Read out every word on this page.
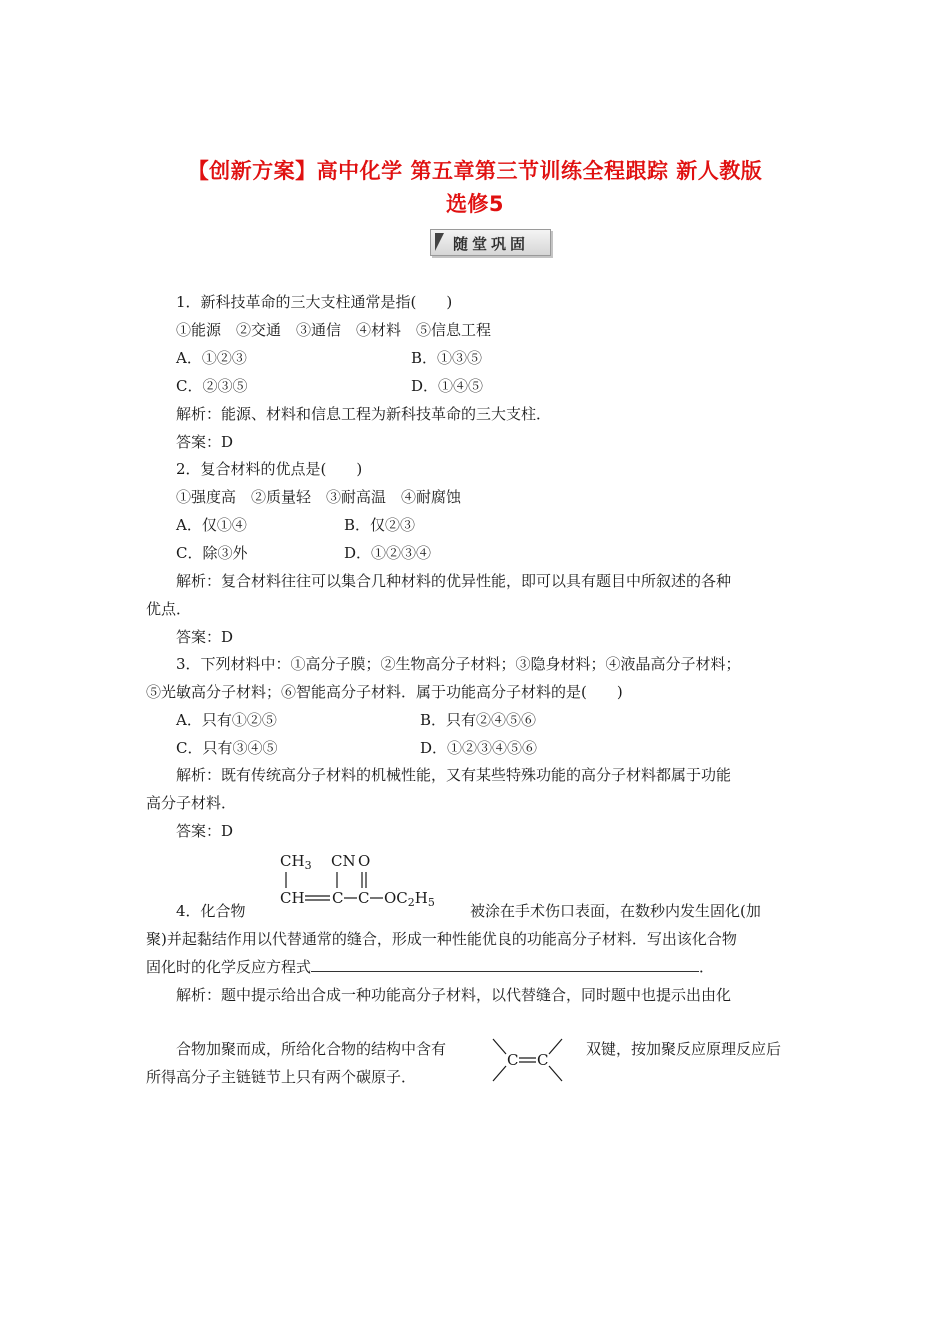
【创新方案】高中化学 第五章第三节训练全程跟踪 新人教版
选修5
随堂巩固

1．新科技革命的三大支柱通常是指(　　)

①能源　②交通　③通信　④材料　⑤信息工程

A．①②③	B．①③⑤

C．②③⑤	D．①④⑤

解析：能源、材料和信息工程为新科技革命的三大支柱．

答案：D

2．复合材料的优点是(　　)

①强度高　②质量轻　③耐高温　④耐腐蚀

A．仅①④	B．仅②③

C．除③外	D．①②③④

解析：复合材料往往可以集合几种材料的优异性能，即可以具有题目中所叙述的各种

优点．

答案：D

3．下列材料中：①高分子膜；②生物高分子材料；③隐身材料；④液晶高分子材料；

⑤光敏高分子材料；⑥智能高分子材料．属于功能高分子材料的是(　　)

A．只有①②⑤	B．只有②④⑤⑥

C．只有③④⑤	D．①②③④⑤⑥

解析：既有传统高分子材料的机械性能，又有某些特殊功能的高分子材料都属于功能

高分子材料．

答案：D

4．化合物

$CH_3$ CN O
CH C C $OC_2H_5$ 被涂在手术伤口表面，在数秒内发生固化(加

聚)并起黏结作用以代替通常的缝合，形成一种性能优良的功能高分子材料．写出该化合物

固化时的化学反应方程式	．

解析：题中提示给出合成一种功能高分子材料，以代替缝合，同时题中也提示出由化

合物加聚而成，所给化合物的结构中含有

C C

双键，按加聚反应原理反应后

所得高分子主链链节上只有两个碳原子．
